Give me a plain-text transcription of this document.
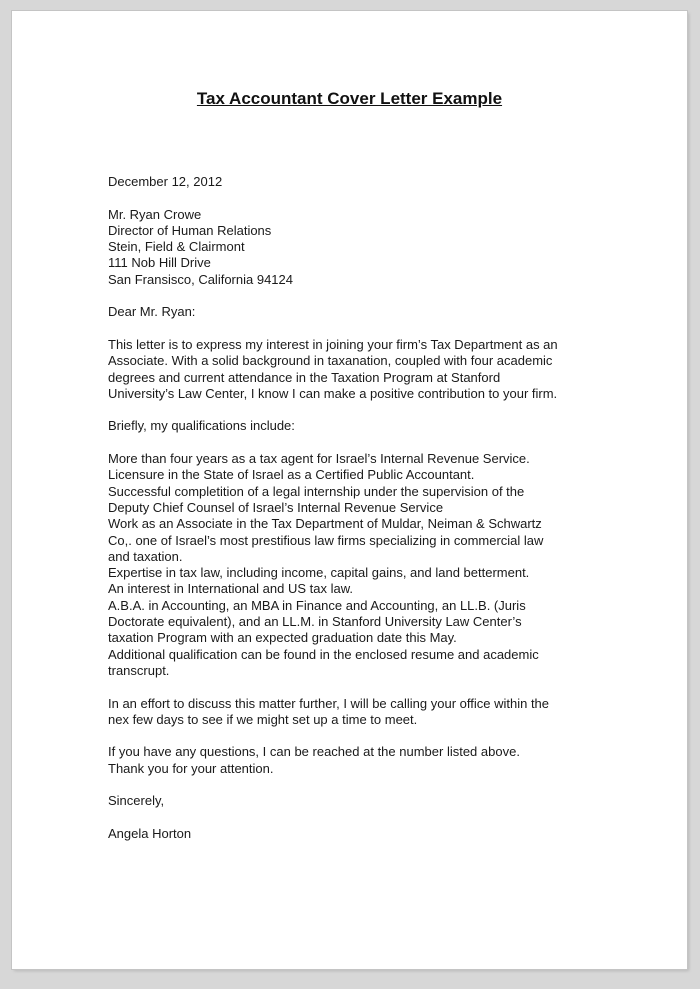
Tax Accountant Cover Letter Example
December 12, 2012
Mr. Ryan Crowe
Director of Human Relations
Stein, Field & Clairmont
111 Nob Hill Drive
San Fransisco, California 94124
Dear Mr. Ryan:
This letter is to express my interest in joining your firm’s Tax Department as an
Associate. With a solid background in taxanation, coupled with four academic
degrees and current attendance in the Taxation Program at Stanford
University’s Law Center, I know I can make a positive contribution to your firm.
Briefly, my qualifications include:
More than four years as a tax agent for Israel’s Internal Revenue Service.
Licensure in the State of Israel as a Certified Public Accountant.
Successful completition of a legal internship under the supervision of the
Deputy Chief Counsel of Israel’s Internal Revenue Service
Work as an Associate in the Tax Department of Muldar, Neiman & Schwartz
Co,. one of Israel’s most prestifious law firms specializing in commercial law
and taxation.
Expertise in tax law, including income, capital gains, and land betterment.
An interest in International and US tax law.
A.B.A. in Accounting, an MBA in Finance and Accounting, an LL.B. (Juris
Doctorate equivalent), and an LL.M. in Stanford University Law Center’s
taxation Program with an expected graduation date this May.
Additional qualification can be found in the enclosed resume and academic
transcrupt.
In an effort to discuss this matter further, I will be calling your office within the
nex few days to see if we might set up a time to meet.
If you have any questions, I can be reached at the number listed above.
Thank you for your attention.
Sincerely,
Angela Horton
